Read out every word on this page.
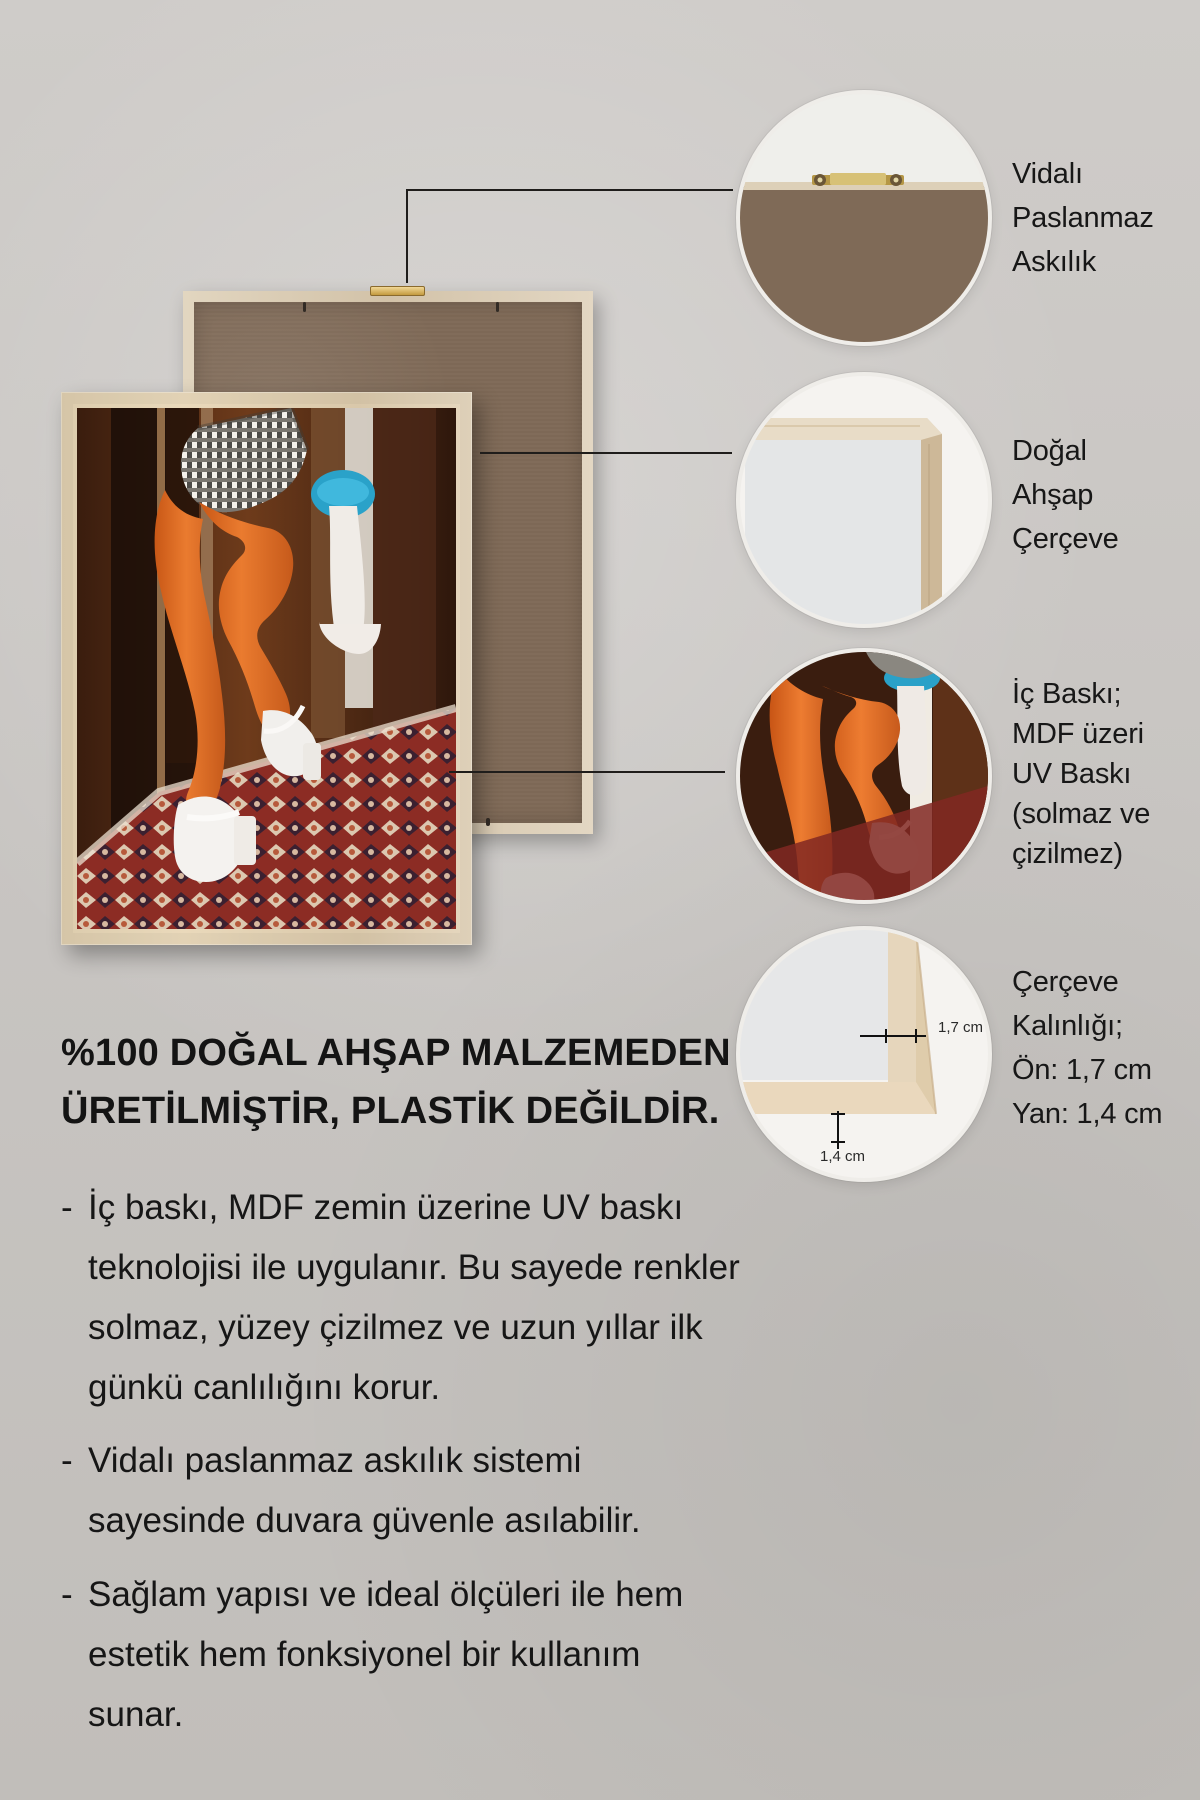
1,7 cm
1,4 cm
Vidalı
Paslanmaz
Askılık
Doğal
Ahşap
Çerçeve
İç Baskı;
MDF üzeri
UV Baskı
(solmaz ve
çizilmez)
Çerçeve
Kalınlığı;
Ön: 1,7 cm
Yan: 1,4 cm
%100 DOĞAL AHŞAP MALZEMEDEN
ÜRETİLMİŞTİR, PLASTİK DEĞİLDİR.
- İç baskı, MDF zemin üzerine UV baskı
teknolojisi ile uygulanır. Bu sayede renkler
solmaz, yüzey çizilmez ve uzun yıllar ilk
günkü canlılığını korur.
- Vidalı paslanmaz askılık sistemi
sayesinde duvara güvenle asılabilir.
- Sağlam yapısı ve ideal ölçüleri ile hem
estetik hem fonksiyonel bir kullanım
sunar.
